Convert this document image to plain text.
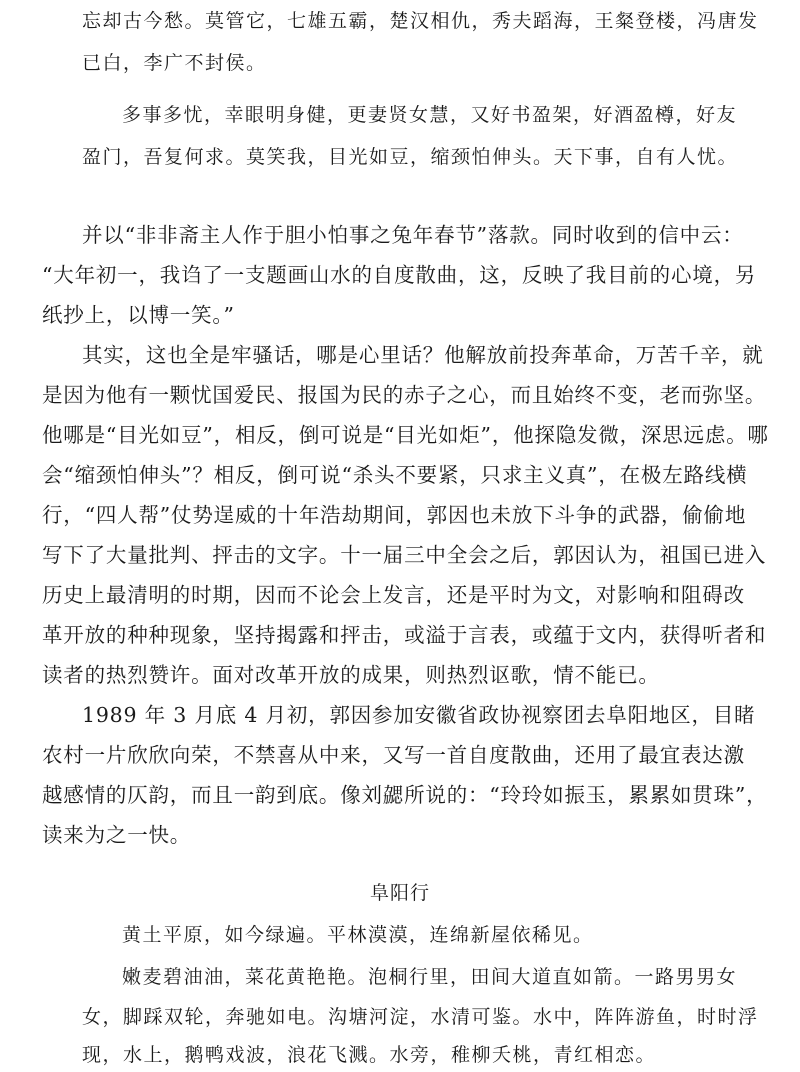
忘却古今愁。莫管它，七雄五霸，楚汉相仇，秀夫蹈海，王粲登楼，冯唐发
已白，李广不封侯。
多事多忧，幸眼明身健，更妻贤女慧，又好书盈架，好酒盈樽，好友
盈门，吾复何求。莫笑我，目光如豆，缩颈怕伸头。天下事，自有人忧。
并以“非非斋主人作于胆小怕事之兔年春节”落款。同时收到的信中云：
“大年初一，我诌了一支题画山水的自度散曲，这，反映了我目前的心境，另
纸抄上，以博一笑。”
其实，这也全是牢骚话，哪是心里话？他解放前投奔革命，万苦千辛，就
是因为他有一颗忧国爱民、报国为民的赤子之心，而且始终不变，老而弥坚。
他哪是“目光如豆”，相反，倒可说是“目光如炬”，他探隐发微，深思远虑。哪
会“缩颈怕伸头”？相反，倒可说“杀头不要紧，只求主义真”，在极左路线横
行，“四人帮”仗势逞威的十年浩劫期间，郭因也未放下斗争的武器，偷偷地
写下了大量批判、抨击的文字。十一届三中全会之后，郭因认为，祖国已进入
历史上最清明的时期，因而不论会上发言，还是平时为文，对影响和阻碍改
革开放的种种现象，坚持揭露和抨击，或溢于言表，或蕴于文内，获得听者和
读者的热烈赞许。面对改革开放的成果，则热烈讴歌，情不能已。
1989 年 3 月底 4 月初，郭因参加安徽省政协视察团去阜阳地区，目睹
农村一片欣欣向荣，不禁喜从中来，又写一首自度散曲，还用了最宜表达激
越感情的仄韵，而且一韵到底。像刘勰所说的：“玲玲如振玉，累累如贯珠”，
读来为之一快。
阜阳行
黄土平原，如今绿遍。平林漠漠，连绵新屋依稀见。
嫩麦碧油油，菜花黄艳艳。泡桐行里，田间大道直如箭。一路男男女
女，脚踩双轮，奔驰如电。沟塘河淀，水清可鉴。水中，阵阵游鱼，时时浮
现，水上，鹅鸭戏波，浪花飞溅。水旁，稚柳夭桃，青红相恋。
